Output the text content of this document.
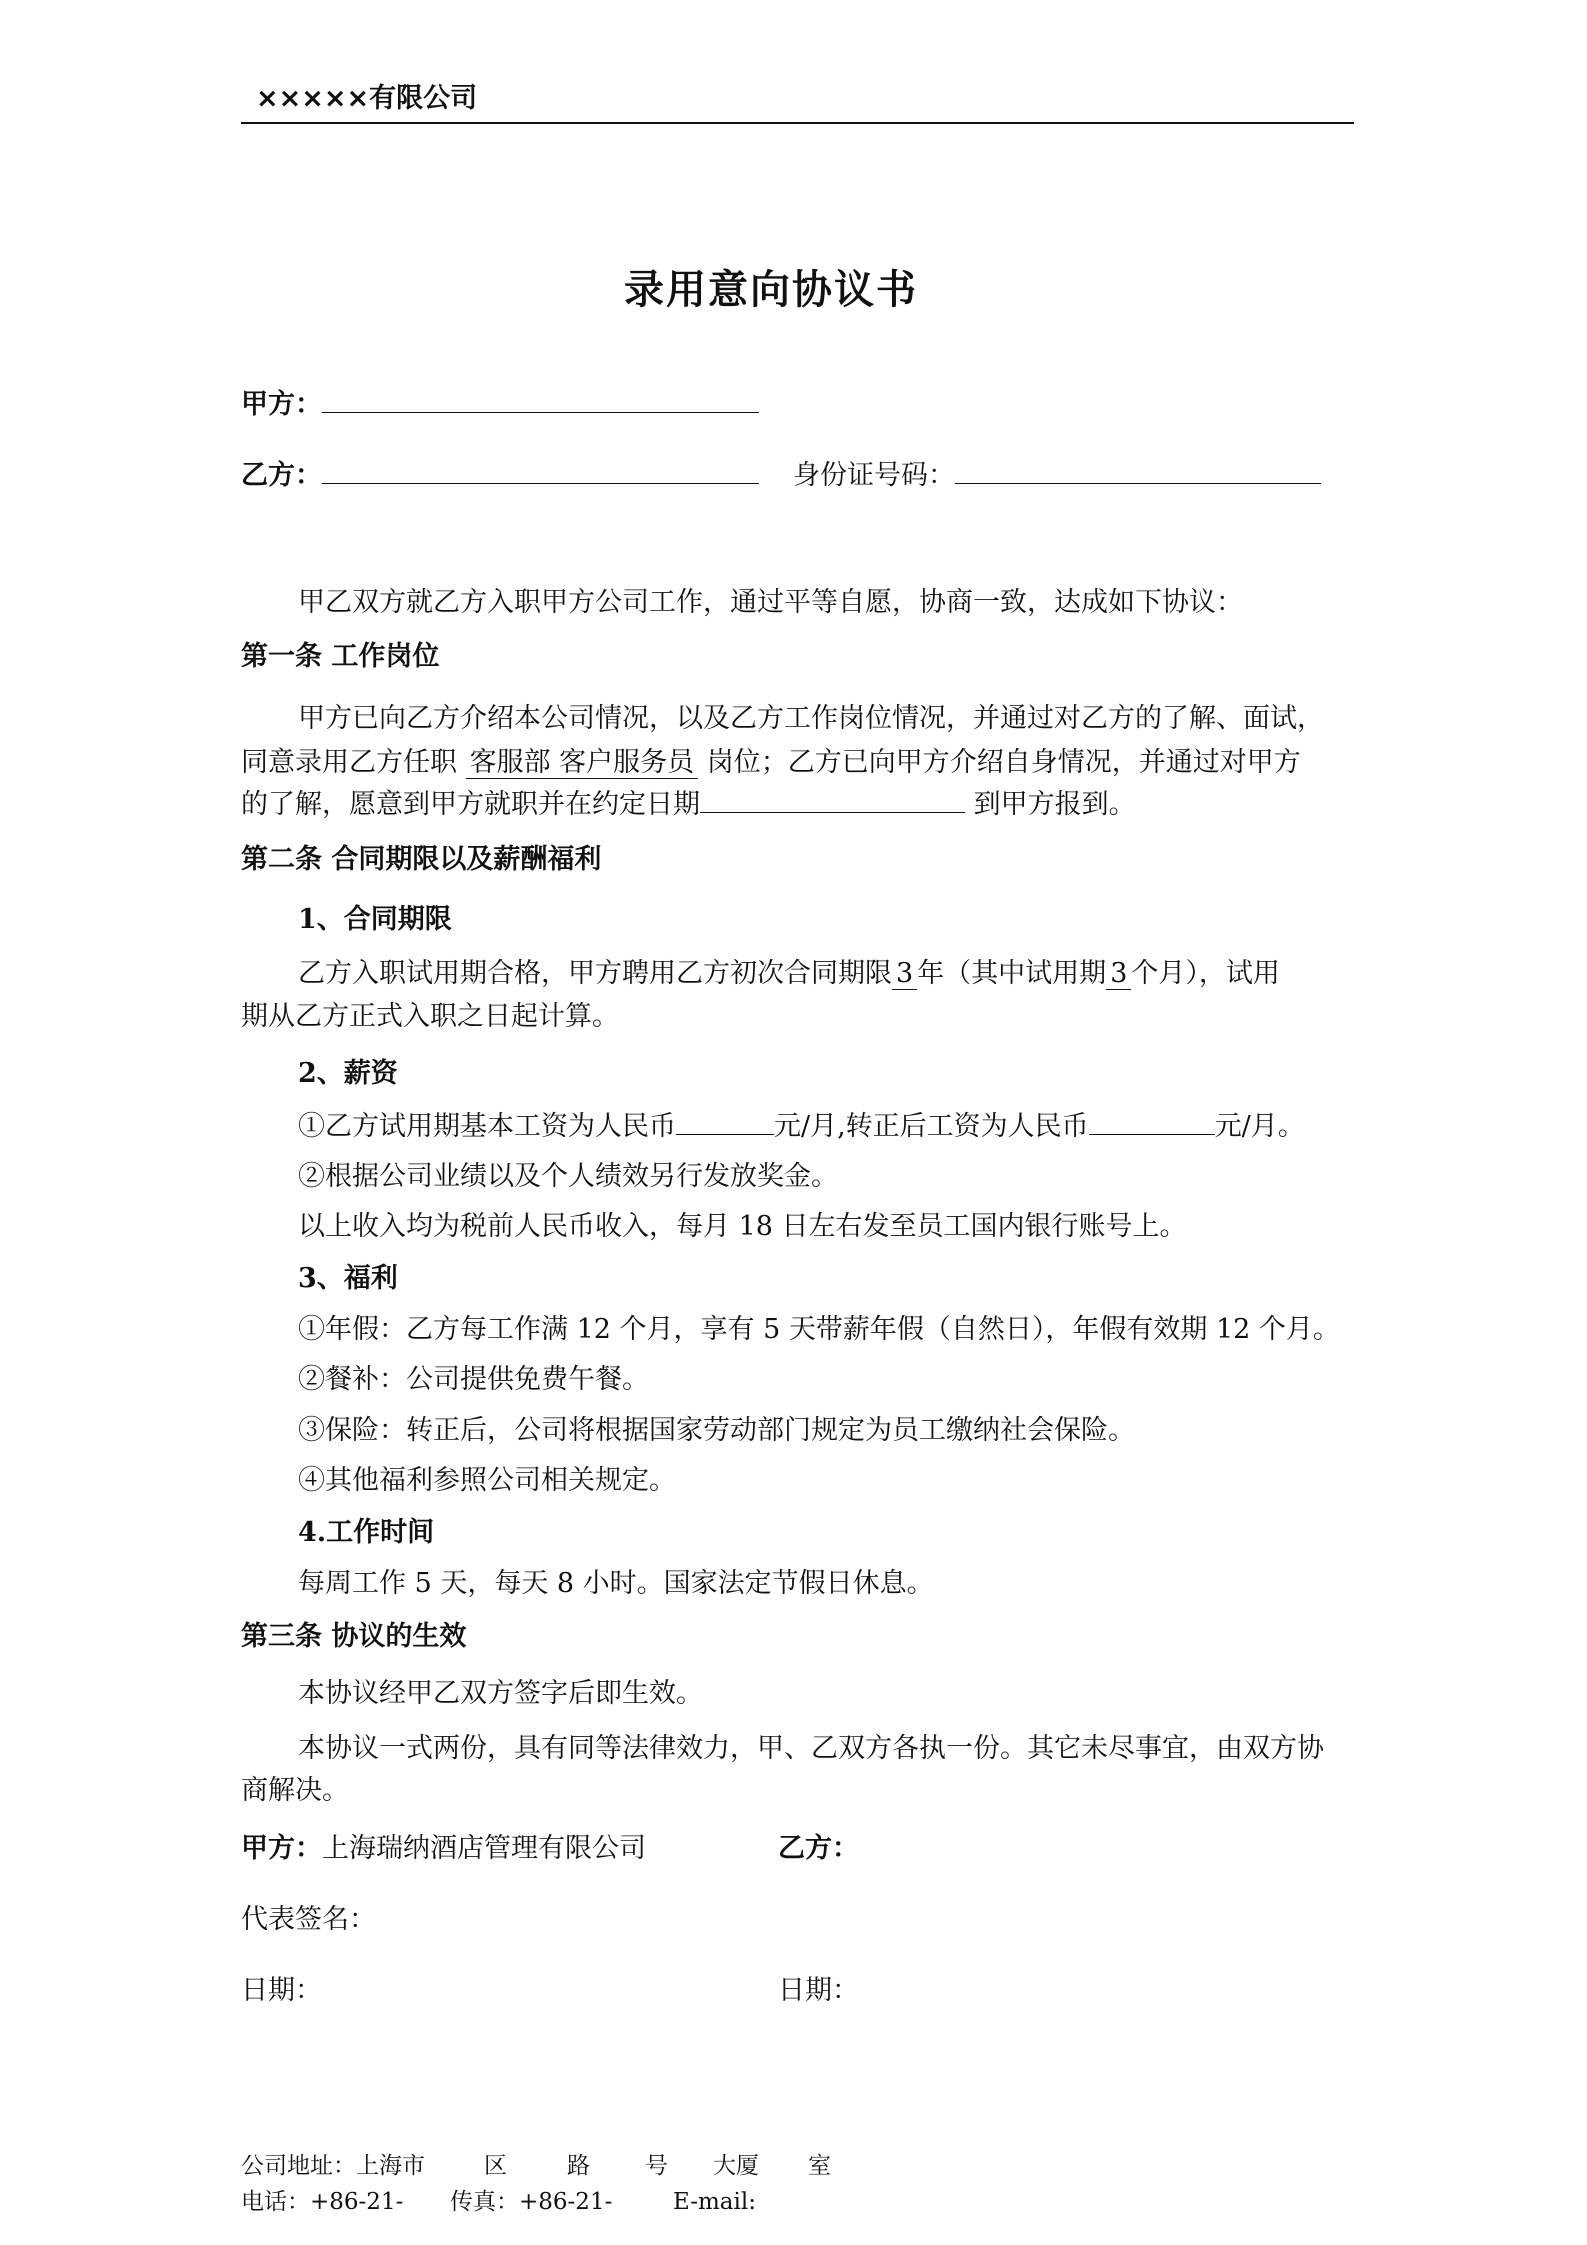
×××××有限公司
录用意向协议书
甲方：
乙方：	身份证号码：
甲乙双方就乙方入职甲方公司工作，通过平等自愿，协商一致，达成如下协议：
第一条 工作岗位
甲方已向乙方介绍本公司情况，以及乙方工作岗位情况，并通过对乙方的了解、面试，
同意录用乙方任职 客服部 客户服务员 岗位；乙方已向甲方介绍自身情况，并通过对甲方
的了解，愿意到甲方就职并在约定日期	到甲方报到。
第二条 合同期限以及薪酬福利
1、合同期限
乙方入职试用期合格，甲方聘用乙方初次合同期限 3 年（其中试用期 3 个月），试用
期从乙方正式入职之日起计算。
2、薪资
①乙方试用期基本工资为人民币	元/月,转正后工资为人民币	元/月。
②根据公司业绩以及个人绩效另行发放奖金。
以上收入均为税前人民币收入，每月 18 日左右发至员工国内银行账号上。
3、福利
①年假：乙方每工作满 12 个月，享有 5 天带薪年假（自然日），年假有效期 12 个月。
②餐补：公司提供免费午餐。
③保险：转正后，公司将根据国家劳动部门规定为员工缴纳社会保险。
④其他福利参照公司相关规定。
4.工作时间
每周工作 5 天，每天 8 小时。国家法定节假日休息。
第三条 协议的生效
本协议经甲乙双方签字后即生效。
本协议一式两份，具有同等法律效力，甲、乙双方各执一份。其它未尽事宜，由双方协
商解决。
甲方：上海瑞纳酒店管理有限公司	乙方：
代表签名：
日期：	日期：
公司地址：上海市	区	路 号 大厦 室
电话：+86-21- 传真：+86-21-	E-mail:
